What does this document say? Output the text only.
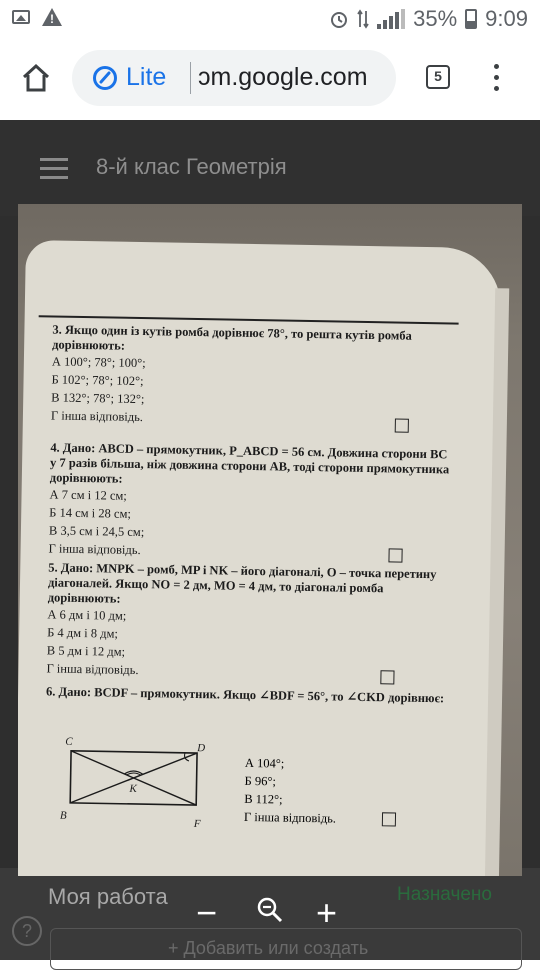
!	35% 9:09
Lite ɔm.google.com	5
8-й клас Геометрія
Моя работа	Назначено
?
+ Добавить или создать
3. Якщо один із кутів ромба дорівнює 78°, то решта кутів ромба дорівнюють:
А 100°; 78°; 100°;
Б 102°; 78°; 102°;
В 132°; 78°; 132°;
Г інша відповідь.
4. Дано: ABCD – прямокутник, P_ABCD = 56 см. Довжина сторони BC у 7 разів більша, ніж довжина сторони AB, тоді сторони прямокутника дорівнюють:
А 7 см і 12 см;
Б 14 см і 28 см;
В 3,5 см і 24,5 см;
Г інша відповідь.
5. Дано: MNPK – ромб, MP і NK – його діагоналі, O – точка перетину діагоналей. Якщо NO = 2 дм, MO = 4 дм, то діагоналі ромба дорівнюють:
А 6 дм і 10 дм;
Б 4 дм і 8 дм;
В 5 дм і 12 дм;
Г інша відповідь.
6. Дано: BCDF – прямокутник. Якщо ∠BDF = 56°, то ∠CKD дорівнює:
C
D
K
B
F
А 104°;
Б 96°;
В 112°;
Г інша відповідь.
−	+
